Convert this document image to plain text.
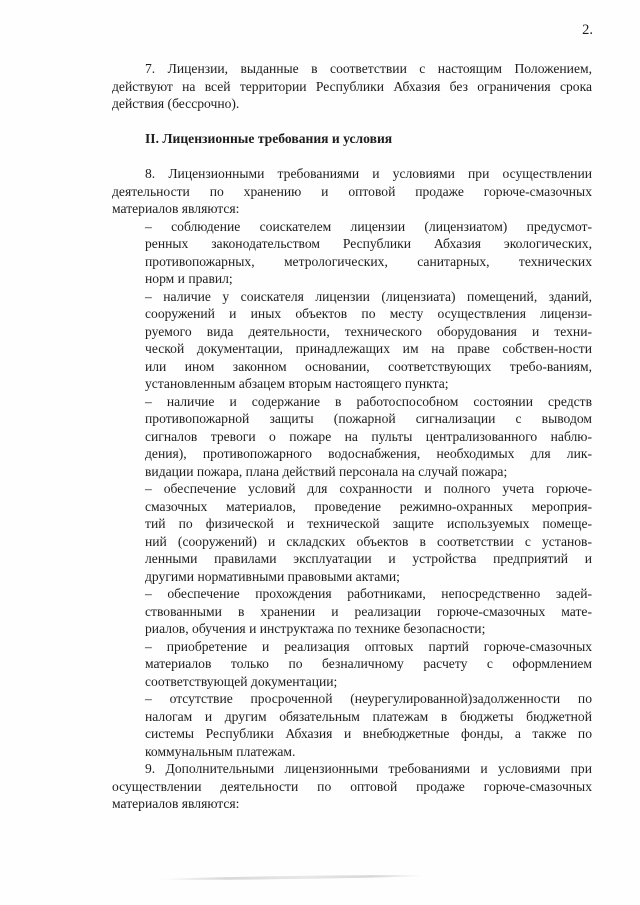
2.
7. Лицензии, выданные в соответствии с настоящим Положением,
действуют на всей территории Республики Абхазия без ограничения срока
действия (бессрочно).
II. Лицензионные требования и условия
8. Лицензионными требованиями и условиями при осуществлении
деятельности по хранению и оптовой продаже горюче-смазочных
материалов являются:
– соблюдение соискателем лицензии (лицензиатом) предусмот-
ренных законодательством Республики Абхазия экологических,
противопожарных, метрологических, санитарных, технических
норм и правил;
– наличие у соискателя лицензии (лицензиата) помещений, зданий,
сооружений и иных объектов по месту осуществления лицензи-
руемого вида деятельности, технического оборудования и техни-
ческой документации, принадлежащих им на праве собствен-ности
или ином законном основании, соответствующих требо-ваниям,
установленным абзацем вторым настоящего пункта;
– наличие и содержание в работоспособном состоянии средств
противопожарной защиты (пожарной сигнализации с выводом
сигналов тревоги о пожаре на пульты централизованного наблю-
дения), противопожарного водоснабжения, необходимых для лик-
видации пожара, плана действий персонала на случай пожара;
– обеспечение условий для сохранности и полного учета горюче-
смазочных материалов, проведение режимно-охранных мероприя-
тий по физической и технической защите используемых помеще-
ний (сооружений) и складских объектов в соответствии с установ-
ленными правилами эксплуатации и устройства предприятий и
другими нормативными правовыми актами;
– обеспечение прохождения работниками, непосредственно задей-
ствованными в хранении и реализации горюче-смазочных мате-
риалов, обучения и инструктажа по технике безопасности;
– приобретение и реализация оптовых партий горюче-смазочных
материалов только по безналичному расчету с оформлением
соответствующей документации;
– отсутствие просроченной (неурегулированной)задолженности по
налогам и другим обязательным платежам в бюджеты бюджетной
системы Республики Абхазия и внебюджетные фонды, а также по
коммунальным платежам.
9. Дополнительными лицензионными требованиями и условиями при
осуществлении деятельности по оптовой продаже горюче-смазочных
материалов являются:
